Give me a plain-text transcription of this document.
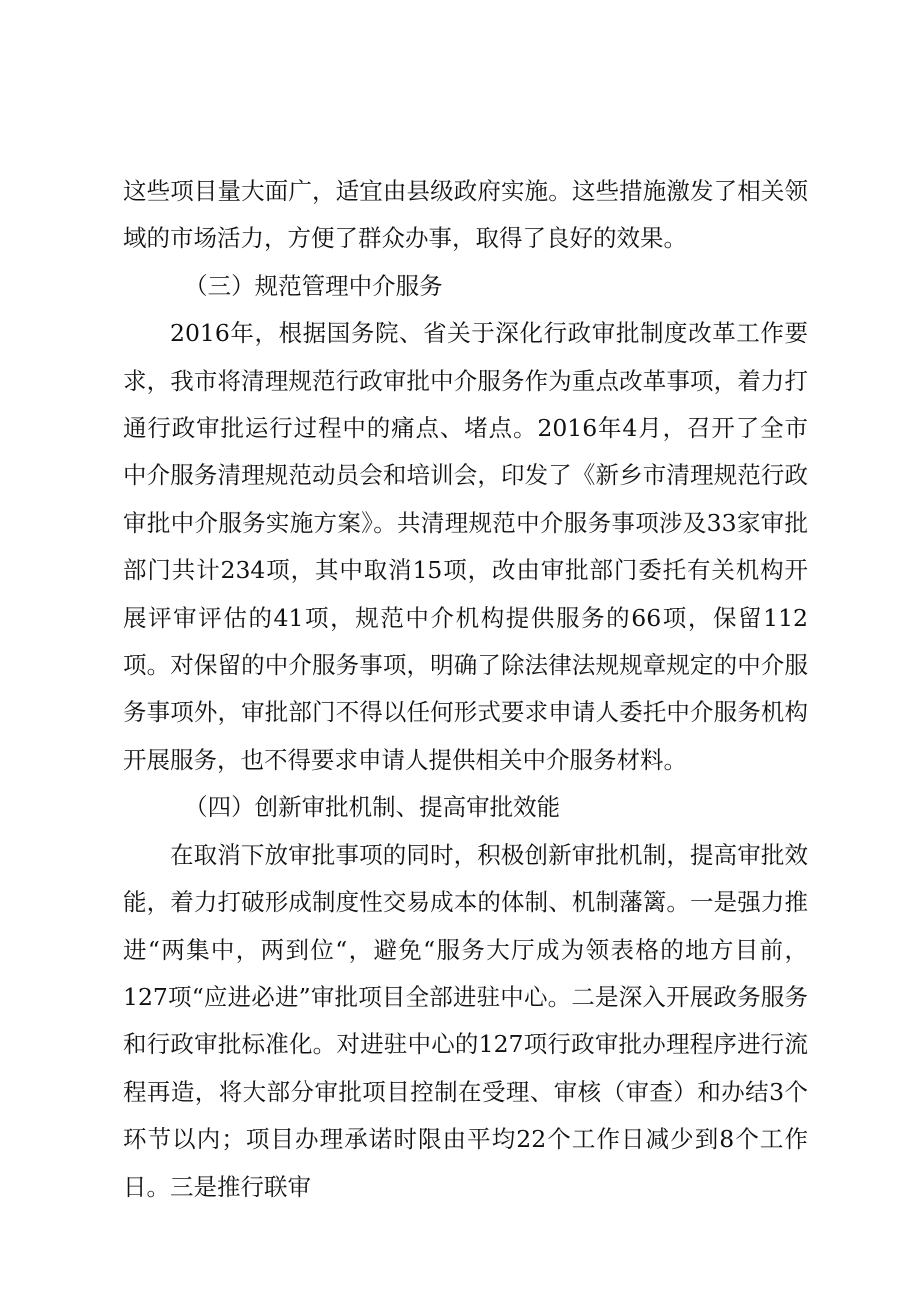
这些项目量大面广，适宜由县级政府实施。这些措施激发了相关领域的市场活力，方便了群众办事，取得了良好的效果。

（三）规范管理中介服务

2016年，根据国务院、省关于深化行政审批制度改革工作要求，我市将清理规范行政审批中介服务作为重点改革事项，着力打通行政审批运行过程中的痛点、堵点。2016年4月，召开了全市中介服务清理规范动员会和培训会，印发了《新乡市清理规范行政审批中介服务实施方案》。共清理规范中介服务事项涉及33家审批部门共计234项，其中取消15项，改由审批部门委托有关机构开展评审评估的41项，规范中介机构提供服务的66项，保留112项。对保留的中介服务事项，明确了除法律法规规章规定的中介服务事项外，审批部门不得以任何形式要求申请人委托中介服务机构开展服务，也不得要求申请人提供相关中介服务材料。

（四）创新审批机制、提高审批效能

在取消下放审批事项的同时，积极创新审批机制，提高审批效能，着力打破形成制度性交易成本的体制、机制藩篱。一是强力推进“两集中，两到位“，避免“服务大厅成为领表格的地方目前，127项“应进必进”审批项目全部进驻中心。二是深入开展政务服务和行政审批标准化。对进驻中心的127项行政审批办理程序进行流程再造，将大部分审批项目控制在受理、审核（审查）和办结3个环节以内；项目办理承诺时限由平均22个工作日减少到8个工作日。三是推行联审
